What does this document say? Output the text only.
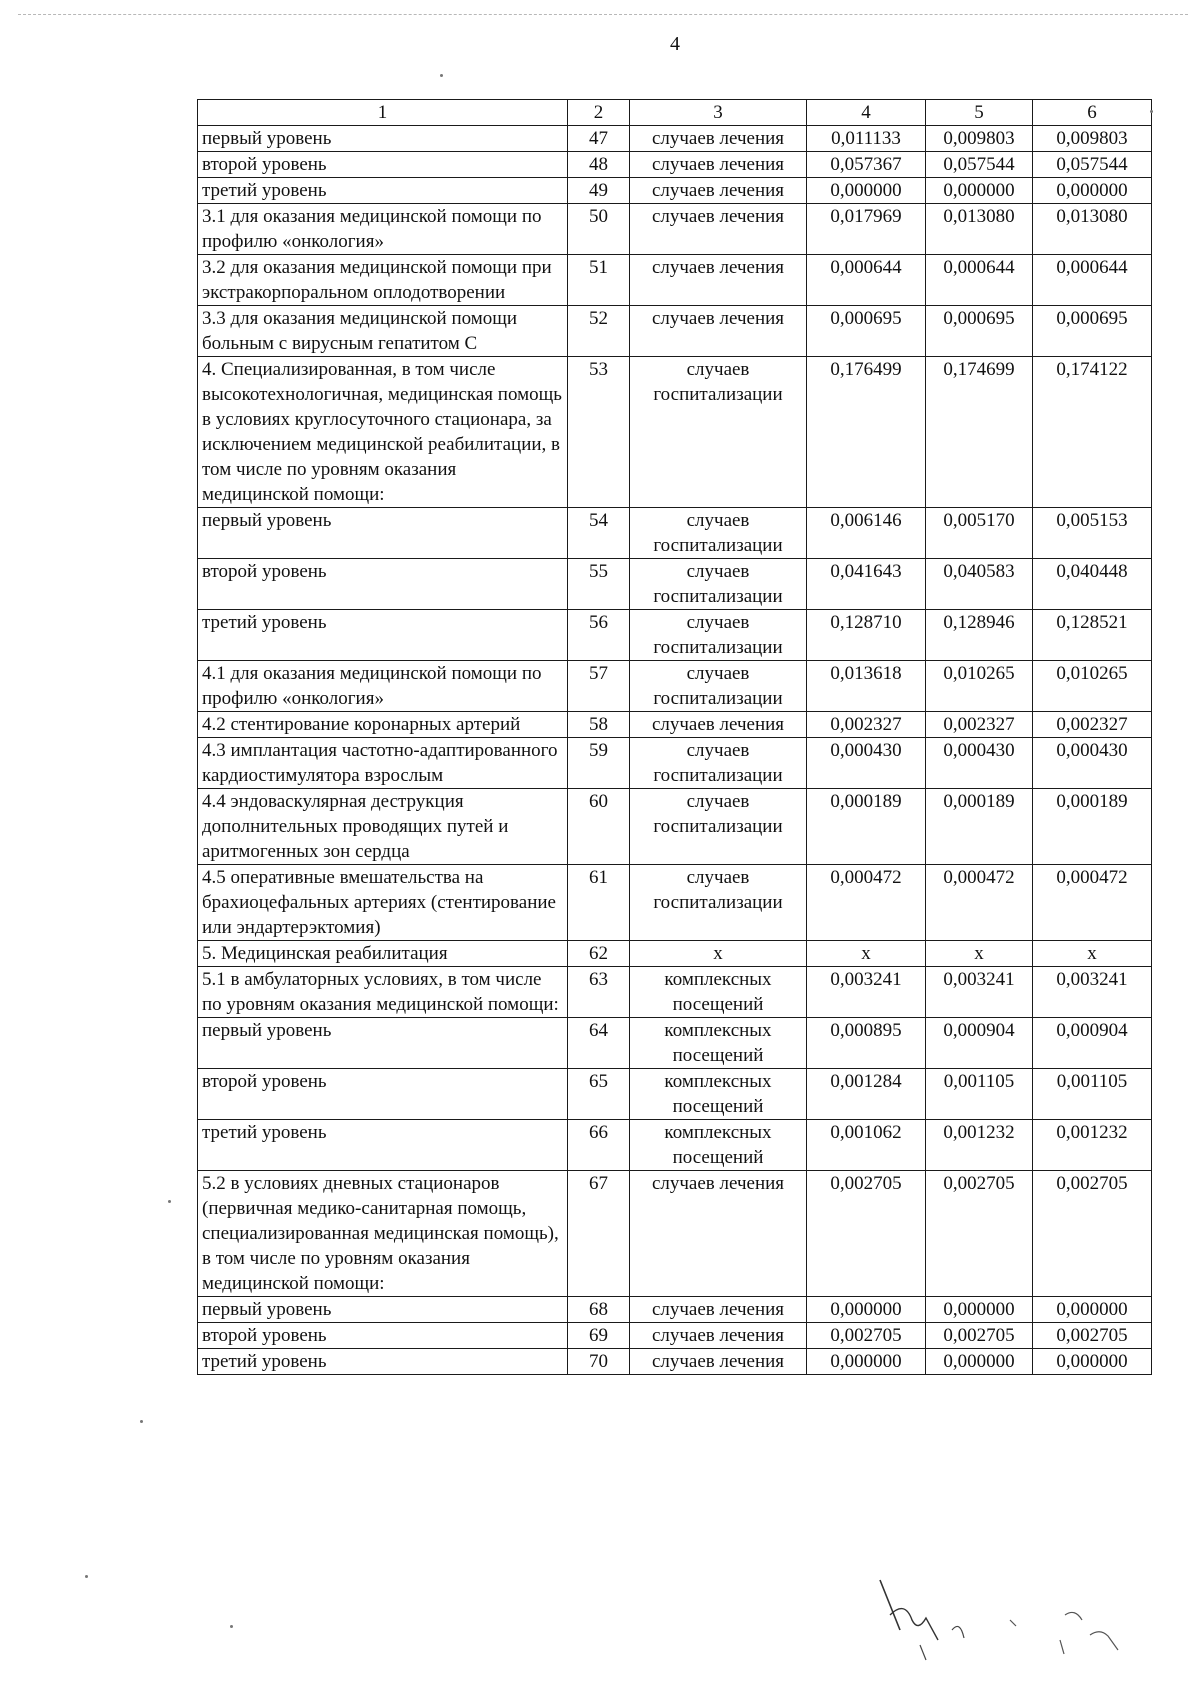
4
1	2	3	4	5	6
первый уровень	47	случаев лечения	0,011133	0,009803	0,009803
второй уровень	48	случаев лечения	0,057367	0,057544	0,057544
третий уровень	49	случаев лечения	0,000000	0,000000	0,000000
3.1 для оказания медицинской помощи по профилю «онкология»	50	случаев лечения	0,017969	0,013080	0,013080
3.2 для оказания медицинской помощи при экстракорпоральном оплодотворении	51	случаев лечения	0,000644	0,000644	0,000644
3.3 для оказания медицинской помощи больным с вирусным гепатитом С	52	случаев лечения	0,000695	0,000695	0,000695
4. Специализированная, в том числе высокотехнологичная, медицинская помощь в условиях круглосуточного стационара, за исключением медицинской реабилитации, в том числе по уровням оказания медицинской помощи:	53	случаев госпитализации	0,176499	0,174699	0,174122
первый уровень	54	случаев госпитализации	0,006146	0,005170	0,005153
второй уровень	55	случаев госпитализации	0,041643	0,040583	0,040448
третий уровень	56	случаев госпитализации	0,128710	0,128946	0,128521
4.1 для оказания медицинской помощи по профилю «онкология»	57	случаев госпитализации	0,013618	0,010265	0,010265
4.2 стентирование коронарных артерий	58	случаев лечения	0,002327	0,002327	0,002327
4.3 имплантация частотно-адаптированного кардиостимулятора взрослым	59	случаев госпитализации	0,000430	0,000430	0,000430
4.4 эндоваскулярная деструкция дополнительных проводящих путей и аритмогенных зон сердца	60	случаев госпитализации	0,000189	0,000189	0,000189
4.5 оперативные вмешательства на брахиоцефальных артериях (стентирование или эндартерэктомия)	61	случаев госпитализации	0,000472	0,000472	0,000472
5. Медицинская реабилитация	62	х	х	х	х
5.1 в амбулаторных условиях, в том числе по уровням оказания медицинской помощи:	63	комплексных посещений	0,003241	0,003241	0,003241
первый уровень	64	комплексных посещений	0,000895	0,000904	0,000904
второй уровень	65	комплексных посещений	0,001284	0,001105	0,001105
третий уровень	66	комплексных посещений	0,001062	0,001232	0,001232
5.2 в условиях дневных стационаров (первичная медико-санитарная помощь, специализированная медицинская помощь), в том числе по уровням оказания медицинской помощи:	67	случаев лечения	0,002705	0,002705	0,002705
первый уровень	68	случаев лечения	0,000000	0,000000	0,000000
второй уровень	69	случаев лечения	0,002705	0,002705	0,002705
третий уровень	70	случаев лечения	0,000000	0,000000	0,000000
